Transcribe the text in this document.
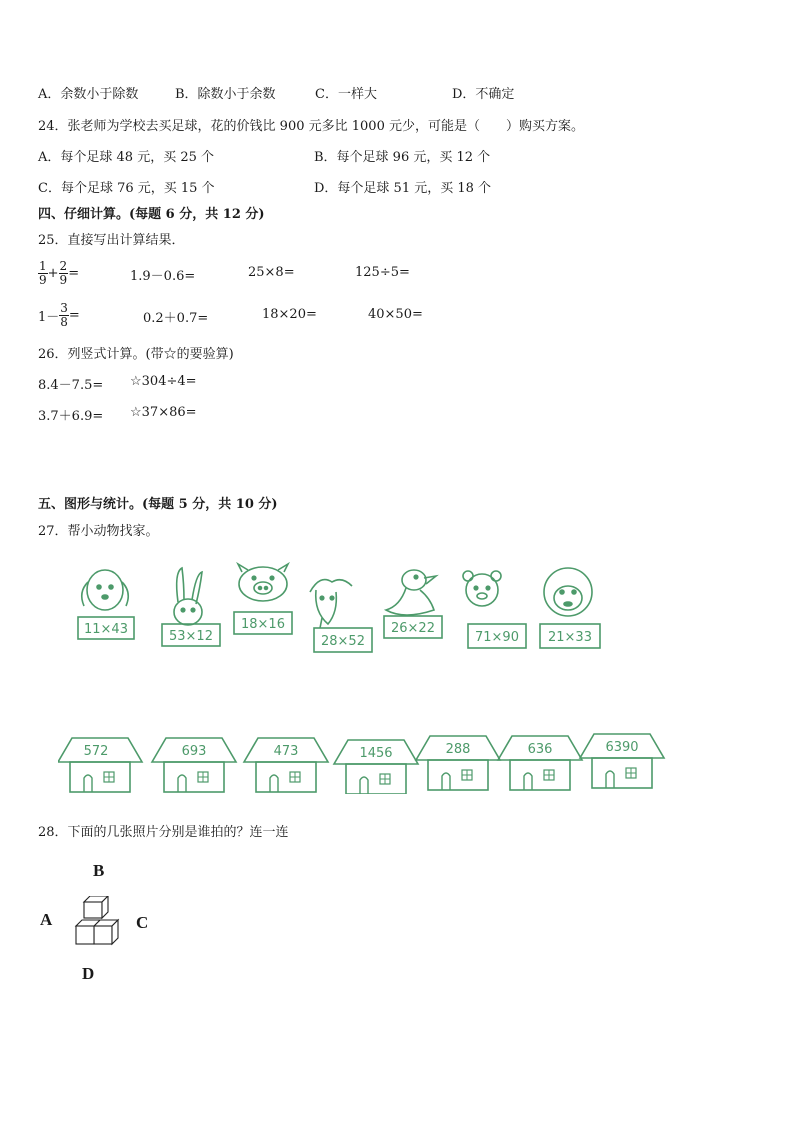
A．余数小于除数	B．除数小于余数	C．一样大	D．不确定
24．张老师为学校去买足球，花的价钱比 900 元多比 1000 元少，可能是（　　）购买方案。
A．每个足球 48 元，买 25 个	B．每个足球 96 元，买 12 个
C．每个足球 76 元，买 15 个	D．每个足球 51 元，买 18 个
四、仔细计算。(每题 6 分，共 12 分)
25．直接写出计算结果．
$\frac{1}{9} + \frac{2}{9}$ =	1.9－0.6=	25×8=	125÷5=
$1- \frac{3}{8}$ =	0.2＋0.7=	18×20=	40×50=
26．列竖式计算。(带☆的要验算)
8.4－7.5= ☆304÷4=
3.7＋6.9= ☆37×86=
五、图形与统计。(每题 5 分，共 10 分)
27．帮小动物找家。
11×43	53×12
18×16
28×52
26×22
71×90 21×33
572	693	473	1456	288	636	6390
28．下面的几张照片分别是谁拍的？连一连
B
A	C
D
